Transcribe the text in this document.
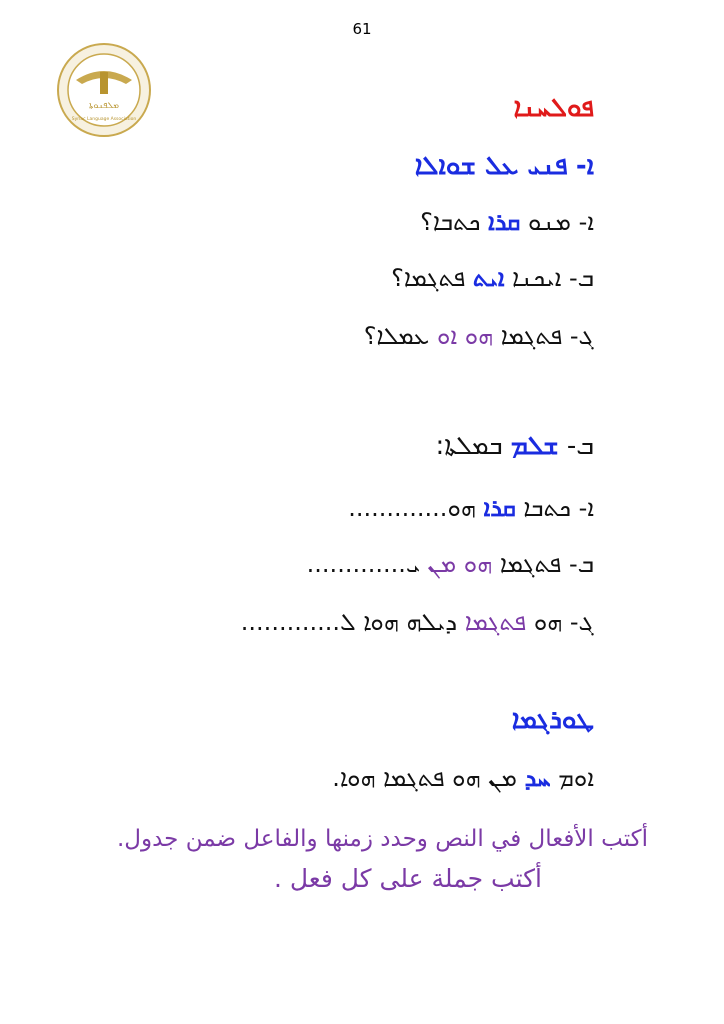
61
ܡܠܦܢܘܬܐ
Syriac Language Association	ܦܘܠܚܢܐ
ܐ- ܦܢܝ ܥܠ ܫܘܐܠܐ
ܐ- ܡܢܘ ܩܪܐ ܟܬܒܐ؟
ܒ- ܐܝܟܢܐ ܐܝܬ ܦܬܓܡܐ؟
ܓ- ܦܬܓܡܐ ܗܘ ܐܘ ܥܡܠܐ؟
ܒ- ܫܠܡ ܒܡܠܬܐ:
ܐ- ܟܬܒܐ ܩܪܐ ܗܘ.............
ܒ- ܦܬܓܡܐ ܗܘ ܡܢ ܝ.............
ܓ- ܗܘ ܦܬܓܡܐ ܕܝܠܗ ܗܘܐ ܠ.............
ܛܘܪܓܡܐ
ܐܘܡ ܚܕ ܡܢ ܗܘ ܦܬܓܡܐ ܗܘܐ.
أكتب الأفعال في النص وحدد زمنها والفاعل ضمن جدول.
أكتب جملة على كل فعل .
